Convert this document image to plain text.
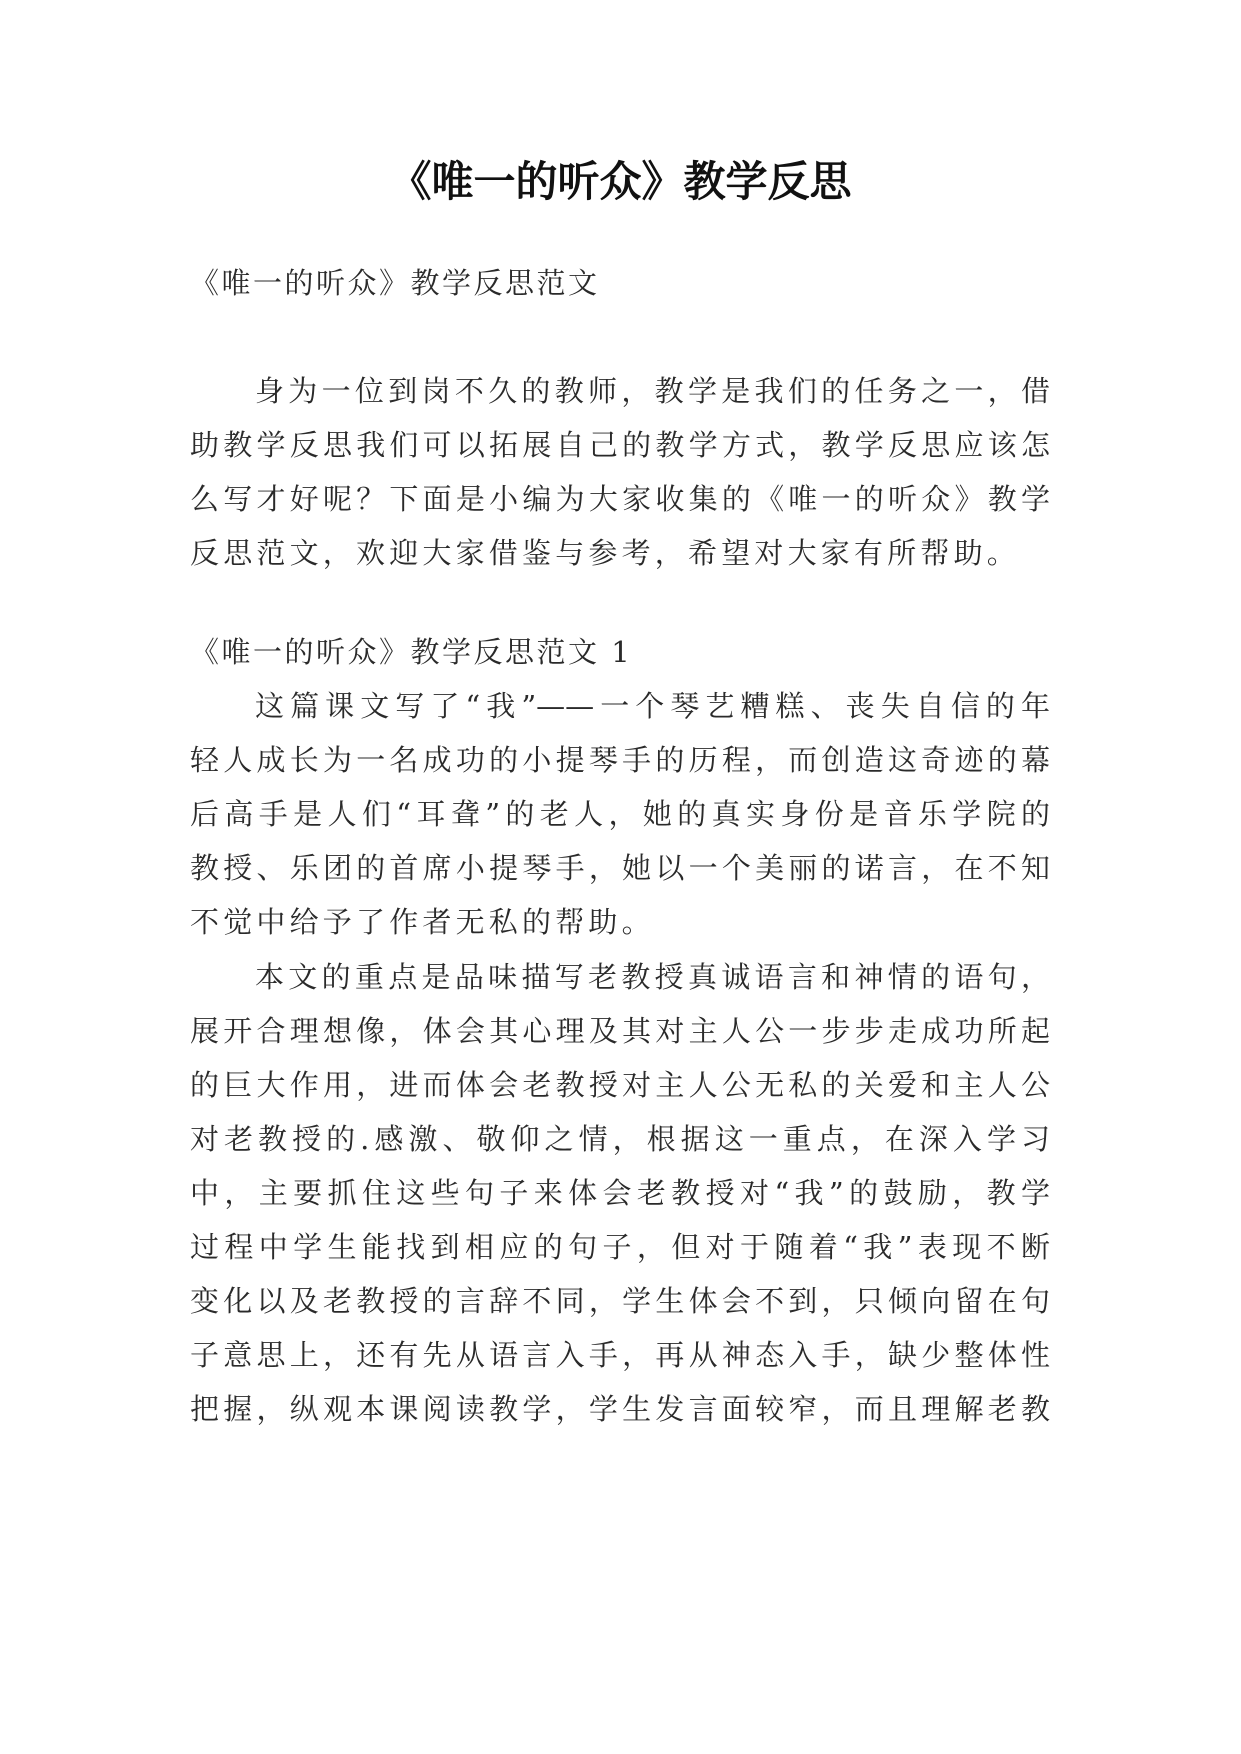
《唯一的听众》教学反思
《唯一的听众》教学反思范文
身为一位到岗不久的教师，教学是我们的任务之一，借
助教学反思我们可以拓展自己的教学方式，教学反思应该怎
么写才好呢？下面是小编为大家收集的《唯一的听众》教学
反思范文，欢迎大家借鉴与参考，希望对大家有所帮助。
《唯一的听众》教学反思范文 1
这篇课文写了“我”——一个琴艺糟糕、丧失自信的年
轻人成长为一名成功的小提琴手的历程，而创造这奇迹的幕
后高手是人们“耳聋”的老人，她的真实身份是音乐学院的
教授、乐团的首席小提琴手，她以一个美丽的诺言，在不知
不觉中给予了作者无私的帮助。
本文的重点是品味描写老教授真诚语言和神情的语句，
展开合理想像，体会其心理及其对主人公一步步走成功所起
的巨大作用，进而体会老教授对主人公无私的关爱和主人公
对老教授的.感激、敬仰之情，根据这一重点，在深入学习
中，主要抓住这些句子来体会老教授对“我”的鼓励，教学
过程中学生能找到相应的句子，但对于随着“我”表现不断
变化以及老教授的言辞不同，学生体会不到，只倾向留在句
子意思上，还有先从语言入手，再从神态入手，缺少整体性
把握，纵观本课阅读教学，学生发言面较窄，而且理解老教
